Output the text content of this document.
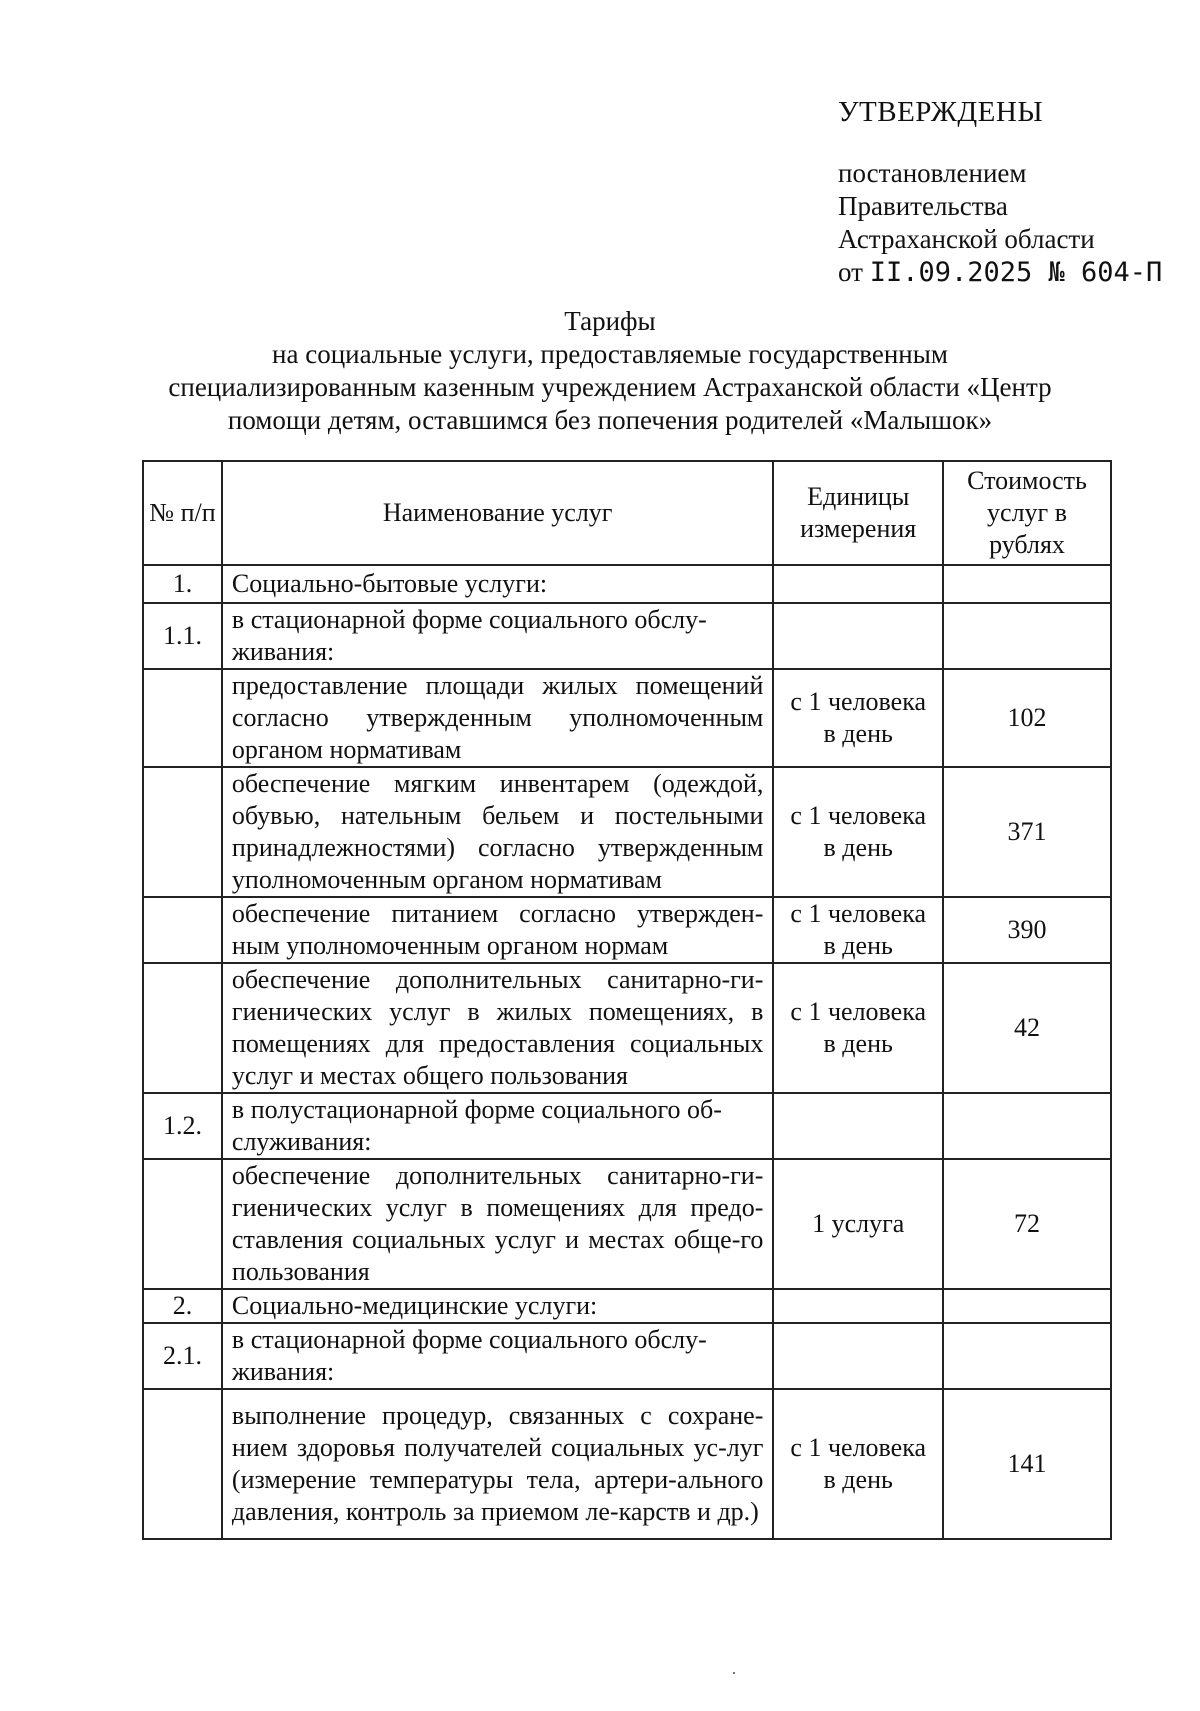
УТВЕРЖДЕНЫ
постановлением
Правительства
Астраханской области
от II.09.2025 № 604-П
Тарифы
на социальные услуги, предоставляемые государственным
специализированным казенным учреждением Астраханской области «Центр
помощи детям, оставшимся без попечения родителей «Малышок»
№ п/п	Наименование услуг	Единицы измерения	Стоимость услуг в рублях
1.	Социально-бытовые услуги:		
1.1.	в стационарной форме социального обслу-живания:		
	предоставление площади жилых помещений согласно утвержденным уполномоченным органом нормативам	с 1 человека в день	102
	обеспечение мягким инвентарем (одеждой, обувью, нательным бельем и постельными принадлежностями) согласно утвержденным уполномоченным органом нормативам	с 1 человека в день	371
	обеспечение питанием согласно утвержден-ным уполномоченным органом нормам	с 1 человека в день	390
	обеспечение дополнительных санитарно-ги-гиенических услуг в жилых помещениях, в помещениях для предоставления социальных услуг и местах общего пользования	с 1 человека в день	42
1.2.	в полустационарной форме социального об-служивания:		
	обеспечение дополнительных санитарно-ги-гиенических услуг в помещениях для предо-ставления социальных услуг и местах обще-го пользования	1 услуга	72
2.	Социально-медицинские услуги:		
2.1.	в стационарной форме социального обслу-живания:		
	выполнение процедур, связанных с сохране-нием здоровья получателей социальных ус-луг (измерение температуры тела, артери-ального давления, контроль за приемом ле-карств и др.)	с 1 человека в день	141
